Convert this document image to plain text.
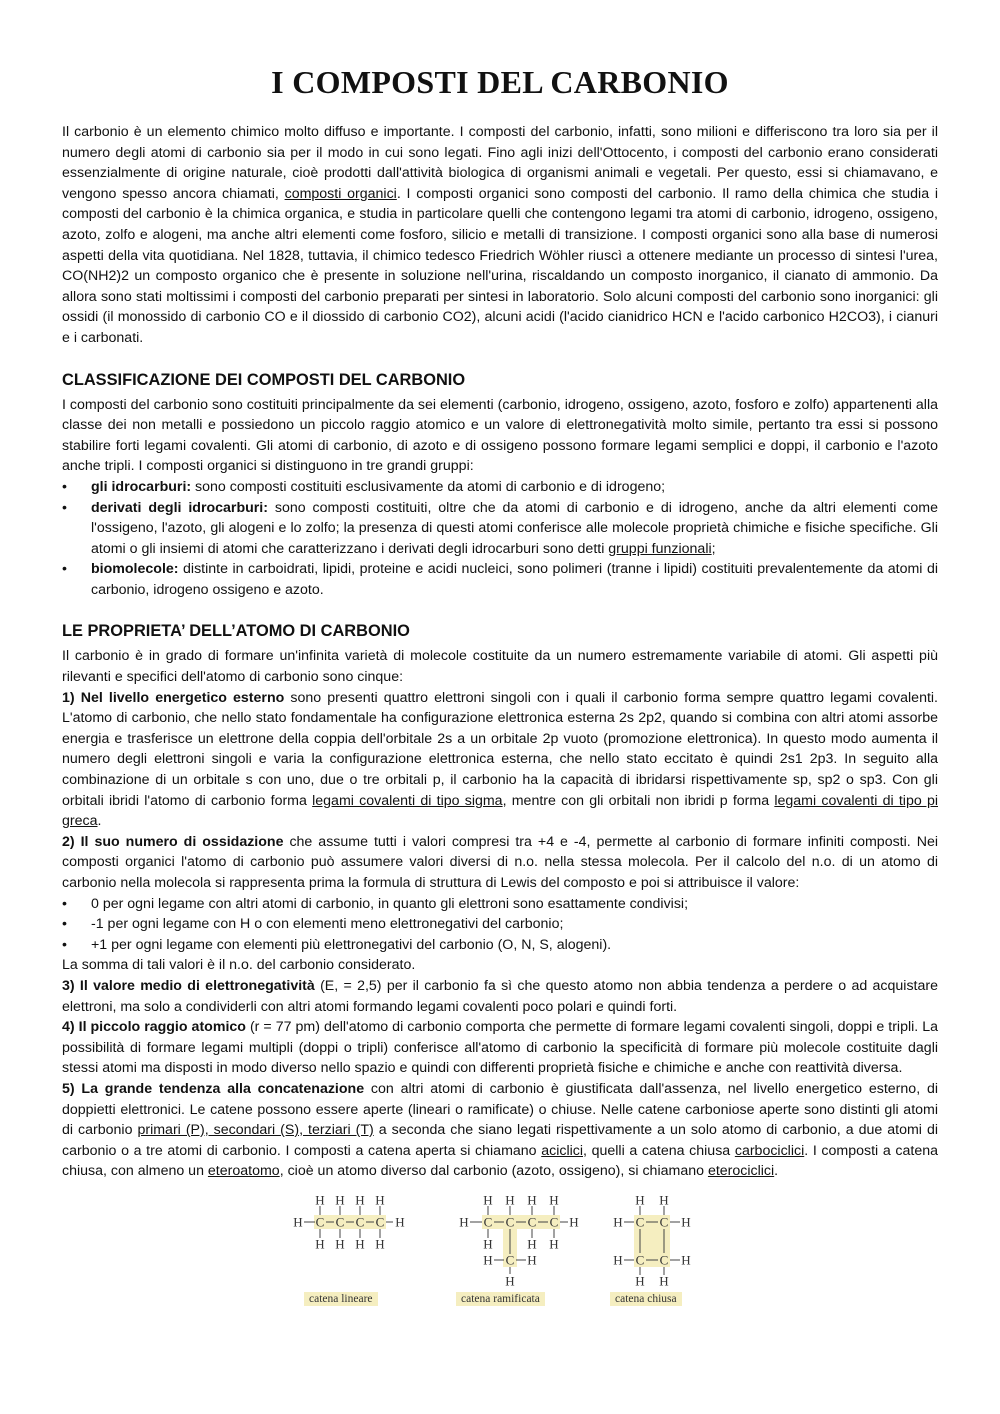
I COMPOSTI DEL CARBONIO

Il carbonio è un elemento chimico molto diffuso e importante. I composti del carbonio, infatti, sono milioni e differiscono tra loro sia per il numero degli atomi di carbonio sia per il modo in cui sono legati. Fino agli inizi dell'Ottocento, i composti del carbonio erano considerati essenzialmente di origine naturale, cioè prodotti dall'attività biologica di organismi animali e vegetali. Per questo, essi si chiamavano, e vengono spesso ancora chiamati, composti organici. I composti organici sono composti del carbonio. Il ramo della chimica che studia i composti del carbonio è la chimica organica, e studia in particolare quelli che contengono legami tra atomi di carbonio, idrogeno, ossigeno, azoto, zolfo e alogeni, ma anche altri elementi come fosforo, silicio e metalli di transizione. I composti organici sono alla base di numerosi aspetti della vita quotidiana. Nel 1828, tuttavia, il chimico tedesco Friedrich Wöhler riuscì a ottenere mediante un processo di sintesi l'urea, CO(NH2)2 un composto organico che è presente in soluzione nell'urina, riscaldando un composto inorganico, il cianato di ammonio. Da allora sono stati moltissimi i composti del carbonio preparati per sintesi in laboratorio. Solo alcuni composti del carbonio sono inorganici: gli ossidi (il monossido di carbonio CO e il diossido di carbonio CO2), alcuni acidi (l'acido cianidrico HCN e l'acido carbonico H2CO3), i cianuri e i carbonati.

CLASSIFICAZIONE DEI COMPOSTI DEL CARBONIO

I composti del carbonio sono costituiti principalmente da sei elementi (carbonio, idrogeno, ossigeno, azoto, fosforo e zolfo) appartenenti alla classe dei non metalli e possiedono un piccolo raggio atomico e un valore di elettronegatività molto simile, pertanto tra essi si possono stabilire forti legami covalenti. Gli atomi di carbonio, di azoto e di ossigeno possono formare legami semplici e doppi, il carbonio e l'azoto anche tripli. I composti organici si distinguono in tre grandi gruppi:

• gli idrocarburi: sono composti costituiti esclusivamente da atomi di carbonio e di idrogeno;
• derivati degli idrocarburi: sono composti costituiti, oltre che da atomi di carbonio e di idrogeno, anche da altri elementi come l'ossigeno, l'azoto, gli alogeni e lo zolfo; la presenza di questi atomi conferisce alle molecole proprietà chimiche e fisiche specifiche. Gli atomi o gli insiemi di atomi che caratterizzano i derivati degli idrocarburi sono detti gruppi funzionali;
• biomolecole: distinte in carboidrati, lipidi, proteine e acidi nucleici, sono polimeri (tranne i lipidi) costituiti prevalentemente da atomi di carbonio, idrogeno ossigeno e azoto.
LE PROPRIETA’ DELL’ATOMO DI CARBONIO

Il carbonio è in grado di formare un'infinita varietà di molecole costituite da un numero estremamente variabile di atomi. Gli aspetti più rilevanti e specifici dell'atomo di carbonio sono cinque:

1) Nel livello energetico esterno sono presenti quattro elettroni singoli con i quali il carbonio forma sempre quattro legami covalenti. L'atomo di carbonio, che nello stato fondamentale ha configurazione elettronica esterna 2s 2p2, quando si combina con altri atomi assorbe energia e trasferisce un elettrone della coppia dell'orbitale 2s a un orbitale 2p vuoto (promozione elettronica). In questo modo aumenta il numero degli elettroni singoli e varia la configurazione elettronica esterna, che nello stato eccitato è quindi 2s1 2p3. In seguito alla combinazione di un orbitale s con uno, due o tre orbitali p, il carbonio ha la capacità di ibridarsi rispettivamente sp, sp2 o sp3. Con gli orbitali ibridi l'atomo di carbonio forma legami covalenti di tipo sigma, mentre con gli orbitali non ibridi p forma legami covalenti di tipo pi greca.

2) Il suo numero di ossidazione che assume tutti i valori compresi tra +4 e -4, permette al carbonio di formare infiniti composti. Nei composti organici l'atomo di carbonio può assumere valori diversi di n.o. nella stessa molecola. Per il calcolo del n.o. di un atomo di carbonio nella molecola si rappresenta prima la formula di struttura di Lewis del composto e poi si attribuisce il valore:

• 0 per ogni legame con altri atomi di carbonio, in quanto gli elettroni sono esattamente condivisi;
• -1 per ogni legame con H o con elementi meno elettronegativi del carbonio;
• +1 per ogni legame con elementi più elettronegativi del carbonio (O, N, S, alogeni).

La somma di tali valori è il n.o. del carbonio considerato.

3) Il valore medio di elettronegatività (E, = 2,5) per il carbonio fa sì che questo atomo non abbia tendenza a perdere o ad acquistare elettroni, ma solo a condividerli con altri atomi formando legami covalenti poco polari e quindi forti.

4) Il piccolo raggio atomico (r = 77 pm) dell'atomo di carbonio comporta che permette di formare legami covalenti singoli, doppi e tripli. La possibilità di formare legami multipli (doppi o tripli) conferisce all'atomo di carbonio la specificità di formare più molecole costituite dagli stessi atomi ma disposti in modo diverso nello spazio e quindi con differenti proprietà fisiche e chimiche e anche con reattività diversa.

5) La grande tendenza alla concatenazione con altri atomi di carbonio è giustificata dall'assenza, nel livello energetico esterno, di doppietti elettronici. Le catene possono essere aperte (lineari o ramificate) o chiuse. Nelle catene carboniose aperte sono distinti gli atomi di carbonio primari (P), secondari (S), terziari (T) a seconda che siano legati rispettivamente a un solo atomo di carbonio, a due atomi di carbonio o a tre atomi di carbonio. I composti a catena aperta si chiamano aciclici, quelli a catena chiusa carbociclici. I composti a catena chiusa, con almeno un eteroatomo, cioè un atomo diverso dal carbonio (azoto, ossigeno), si chiamano eterociclici.

H C
H
H
C
H
H
C
H
H
C
H
H
H	H C
H
H
C
H
C
H
H
C
H
H
H
C
H	H
H
C C
C C
H H
H H
H	H
H	H
catena lineare	catena ramificata	catena chiusa
